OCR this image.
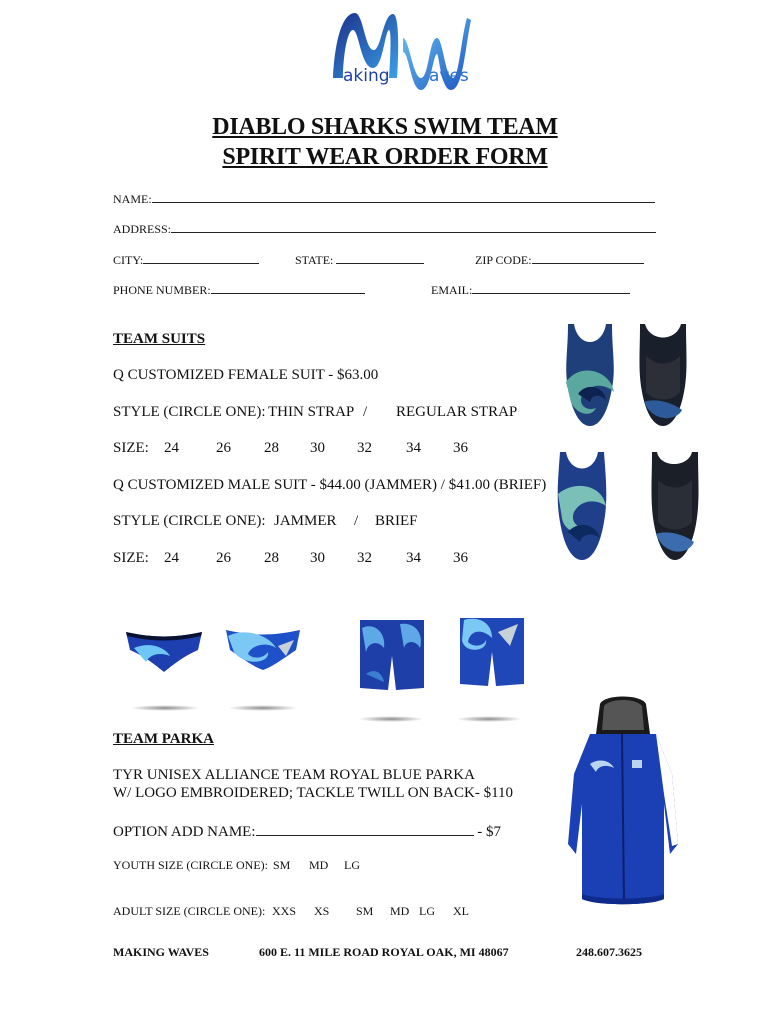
aking aves
DIABLO SHARKS SWIM TEAM
SPIRIT WEAR ORDER FORM
NAME:
ADDRESS:
CITY:	STATE:	ZIP CODE:
PHONE NUMBER:	EMAIL:
TEAM SUITS
Q CUSTOMIZED FEMALE SUIT - $63.00
STYLE (CIRCLE ONE): THIN STRAP / REGULAR STRAP
SIZE: 24 26 28 30 32 34 36
Q CUSTOMIZED MALE SUIT - $44.00 (JAMMER) / $41.00 (BRIEF)
STYLE (CIRCLE ONE): JAMMER / BRIEF
SIZE: 24 26 28 30 32 34 36
TEAM PARKA
TYR UNISEX ALLIANCE TEAM ROYAL BLUE PARKA
W/ LOGO EMBROIDERED; TACKLE TWILL ON BACK- $110
OPTION ADD NAME:	- $7
YOUTH SIZE (CIRCLE ONE): SM MD LG
ADULT SIZE (CIRCLE ONE): XXS XS SM MD LG XL
MAKING WAVES	600 E. 11 MILE ROAD ROYAL OAK, MI 48067	248.607.3625
